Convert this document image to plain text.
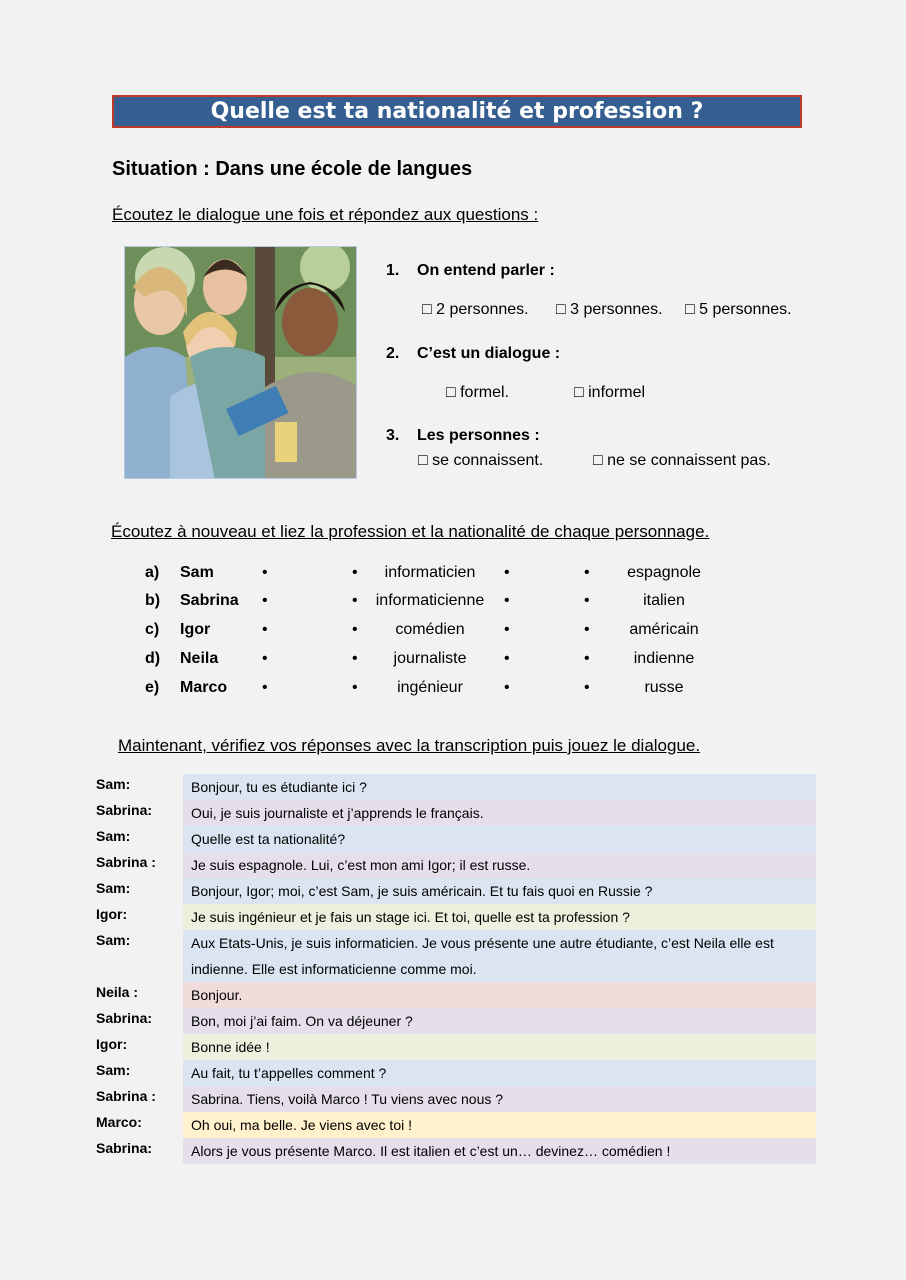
Quelle est ta nationalité et profession ?
Situation : Dans une école de langues
Écoutez le dialogue une fois et répondez aux questions :
1. On entend parler :
□ 2 personnes. □ 3 personnes. □ 5 personnes.
2. C’est un dialogue :
□ formel.	□ informel
3. Les personnes :
□ se connaissent.	□ ne se connaissent pas.
Écoutez à nouveau et liez la profession et la nationalité de chaque personnage.
a) Sam	•	•	informaticien	•	•	espagnole
b) Sabrina •	•	informaticienne	•	•	italien
c) Igor	•	•	comédien	•	•	américain
d) Neila	•	•	journaliste	•	•	indienne
e) Marco •	•	ingénieur	•	•	russe
Maintenant, vérifiez vos réponses avec la transcription puis jouez le dialogue.
Sam:	Bonjour, tu es étudiante ici ?
Sabrina:	Oui, je suis journaliste et j’apprends le français.
Sam:	Quelle est ta nationalité?
Sabrina :	Je suis espagnole. Lui, c’est mon ami Igor; il est russe.
Sam:	Bonjour, Igor; moi, c’est Sam, je suis américain. Et tu fais quoi en Russie ?
Igor:	Je suis ingénieur et je fais un stage ici. Et toi, quelle est ta profession ?
Sam:	Aux Etats-Unis, je suis informaticien. Je vous présente une autre étudiante, c’est Neila elle est indienne. Elle est informaticienne comme moi.
Neila :	Bonjour.
Sabrina:	Bon, moi j’ai faim. On va déjeuner ?
Igor:	Bonne idée !
Sam:	Au fait, tu t’appelles comment ?
Sabrina :	Sabrina. Tiens, voilà Marco ! Tu viens avec nous ?
Marco:	Oh oui, ma belle. Je viens avec toi !
Sabrina:	Alors je vous présente Marco. Il est italien et c’est un… devinez… comédien !
